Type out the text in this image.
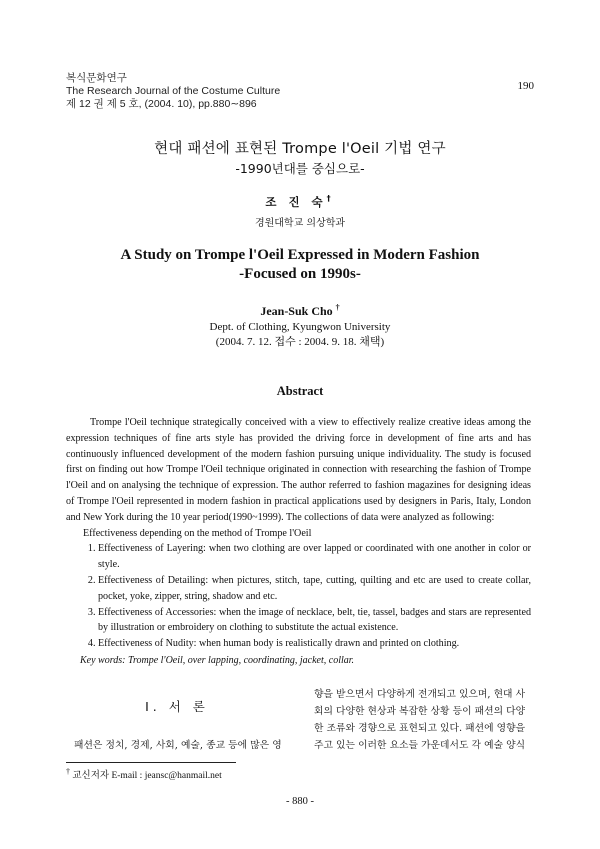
복식문화연구
The Research Journal of the Costume Culture
제 12 권 제 5 호, (2004. 10), pp.880∼896
190
현대 패션에 표현된 Trompe l'Oeil 기법 연구
-1990년대를 중심으로-
조 진 숙†
경원대학교 의상학과
A Study on Trompe l'Oeil Expressed in Modern Fashion
-Focused on 1990s-
Jean-Suk Cho †
Dept. of Clothing, Kyungwon University
(2004. 7. 12. 접수 : 2004. 9. 18. 채택)
Abstract

Trompe l'Oeil technique strategically conceived with a view to effectively realize creative ideas among the expression techniques of fine arts style has provided the driving force in development of fine arts and has continuously influenced development of the modern fashion pursuing unique individuality. The study is focused first on finding out how Trompe l'Oeil technique originated in connection with researching the fashion of Trompe l'Oeil and on analysing the technique of expression. The author referred to fashion magazines for designing ideas of Trompe l'Oeil represented in modern fashion in practical applications used by designers in Paris, Italy, London and New York during the 10 year period(1990~1999). The collections of data were analyzed as following:

Effectiveness depending on the method of Trompe l'Oeil
1. Effectiveness of Layering: when two clothing are over lapped or coordinated with one another in color or style.
2. Effectiveness of Detailing: when pictures, stitch, tape, cutting, quilting and etc are used to create collar, pocket, yoke, zipper, string, shadow and etc.
3. Effectiveness of Accessories: when the image of necklace, belt, tie, tassel, badges and stars are represented by illustration or embroidery on clothing to substitute the actual existence.
4. Effectiveness of Nudity: when human body is realistically drawn and printed on clothing.
Key words: Trompe l'Oeil, over lapping, coordinating, jacket, collar.
Ⅰ. 서 론
패션은 정치, 경제, 사회, 예술, 종교 등에 많은 영

향을 받으면서 다양하게 전개되고 있으며, 현대 사

회의 다양한 현상과 복잡한 상황 등이 패션의 다양

한 조류와 경향으로 표현되고 있다. 패션에 영향을

주고 있는 이러한 요소들 가운데서도 각 예술 양식

† 교신저자 E-mail : jeansc@hanmail.net
- 880 -
